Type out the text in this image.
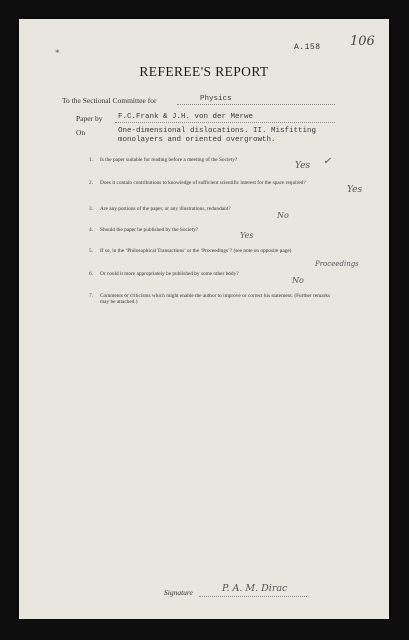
106
A.158
*
REFEREE'S REPORT
To the Sectional Committee for	Physics
Paper by F.C.Frank & J.H. von der Merwe
On	One-dimensional dislocations. II. Misfitting
monolayers and oriented overgrowth.
1. Is the paper suitable for reading before a meeting of the Society?
Yes ✓
2. Does it contain contributions to knowledge of sufficient scientific interest for the space required?
Yes
3. Are any portions of the paper, or any illustrations, redundant?
No
4. Should the paper be published by the Society?
Yes
5. If so, in the ‘Philosophical Transactions’ or the ‘Proceedings’? (see note on opposite page)
Proceedings
6. Or could it more appropriately be published by some other body?
No
7. Comments or criticisms which might enable the author to improve or correct his statement. (Further remarks may be attached.)
Signature	P. A. M. Dirac
